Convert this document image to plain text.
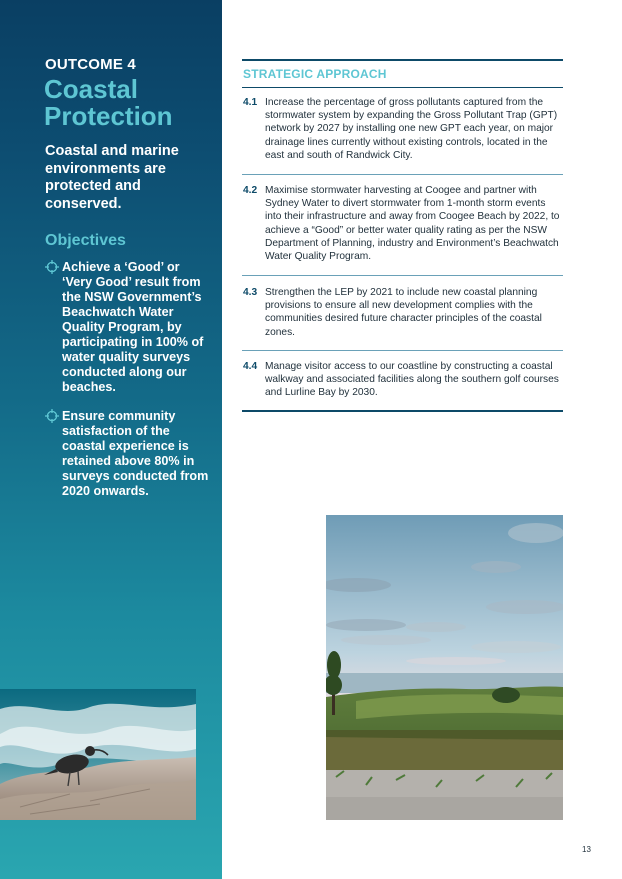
OUTCOME 4
Coastal
Protection
Coastal and marine environments are protected and conserved.
Objectives
Achieve a ‘Good’ or ‘Very Good’ result from the NSW Government’s Beachwatch Water Quality Program, by participating in 100% of water quality surveys conducted along our beaches.
Ensure community satisfaction of the coastal experience is retained above 80% in surveys conducted from 2020 onwards.
STRATEGIC APPROACH
4.1 Increase the percentage of gross pollutants captured from the stormwater system by expanding the Gross Pollutant Trap (GPT) network by 2027 by installing one new GPT each year, on major drainage lines currently without existing controls, located in the east and south of Randwick City.
4.2 Maximise stormwater harvesting at Coogee and partner with Sydney Water to divert stormwater from 1-month storm events into their infrastructure and away from Coogee Beach by 2022, to achieve a “Good” or better water quality rating as per the NSW Department of Planning, industry and Environment’s Beachwatch Water Quality Program.
4.3 Strengthen the LEP by 2021 to include new coastal planning provisions to ensure all new development complies with the communities desired future character principles of the coastal zones.
4.4 Manage visitor access to our coastline by constructing a coastal walkway and associated facilities along the southern golf courses and Lurline Bay by 2030.
13
